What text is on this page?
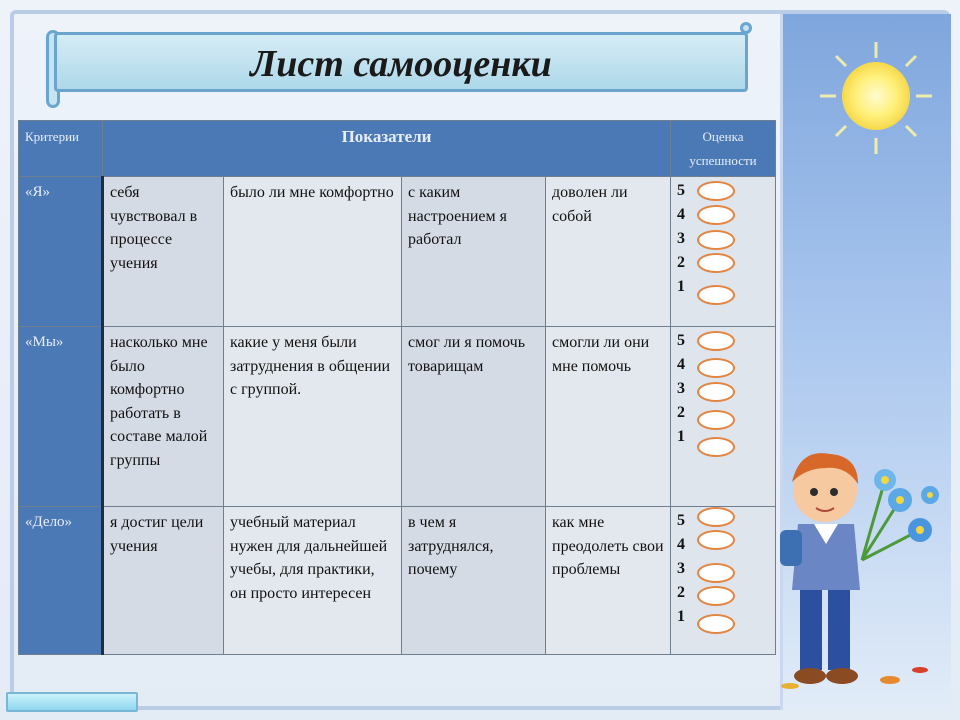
Лист самооценки
Критерии	Показатели				Оценка
успешности
«Я»	себя чувствовал в процессе учения	было ли мне комфортно	с каким настроением я работал	доволен ли собой	5
4
3
2
1

«Мы»	насколько мне было комфортно работать в составе малой группы	какие у меня были затруднения в общении с группой.	смог ли я помочь товарищам	смогли ли они мне помочь	5
4
3
2
1

«Дело»	я достиг цели учения	учебный материал нужен для дальнейшей учебы, для практики, он просто интересен	в чем я затруднялся, почему	как мне преодолеть свои проблемы	5
4
3
2
1
